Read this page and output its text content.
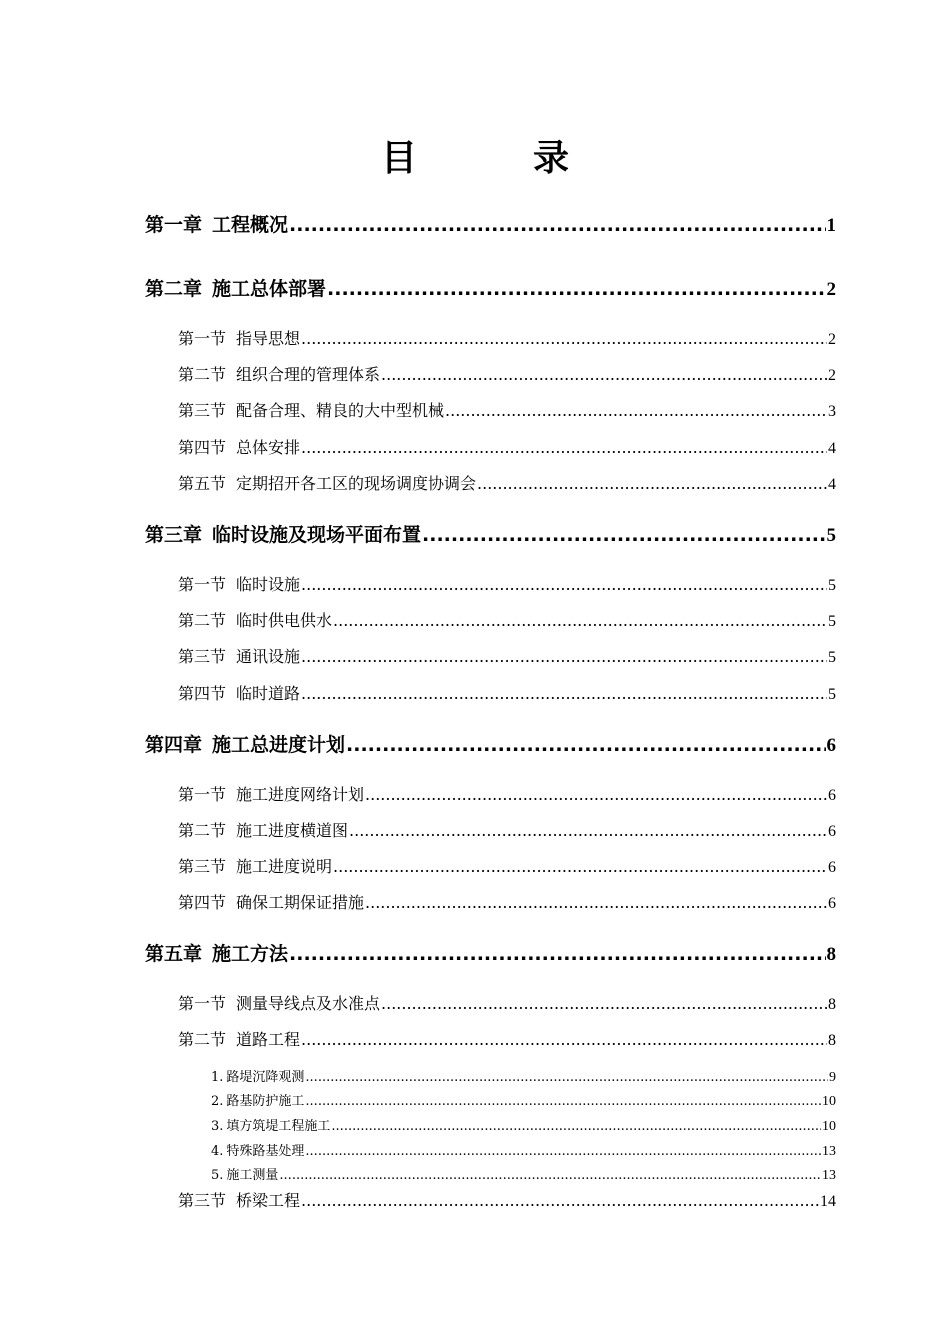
目　录
第一章 工程概况 .....	1
第二章 施工总体部署 .....	2
第一节 指导思想 .....	2
第二节 组织合理的管理体系 .....	2
第三节 配备合理、精良的大中型机械 .....	3
第四节 总体安排 .....	4
第五节 定期招开各工区的现场调度协调会 .....	4
第三章 临时设施及现场平面布置 .....	5
第一节 临时设施 .....	5
第二节 临时供电供水 .....	5
第三节 通讯设施 .....	5
第四节 临时道路 .....	5
第四章 施工总进度计划 .....	6
第一节 施工进度网络计划 .....	6
第二节 施工进度横道图 .....	6
第三节 施工进度说明 .....	6
第四节 确保工期保证措施 .....	6
第五章 施工方法 .....	8
第一节 测量导线点及水准点 .....	8
第二节 道路工程 .....	8
1. 路堤沉降观测 .....	9
2. 路基防护施工 .....	10
3. 填方筑堤工程施工 .....	10
4. 特殊路基处理 .....	13
5. 施工测量 .....	13
第三节 桥梁工程 .....	14
